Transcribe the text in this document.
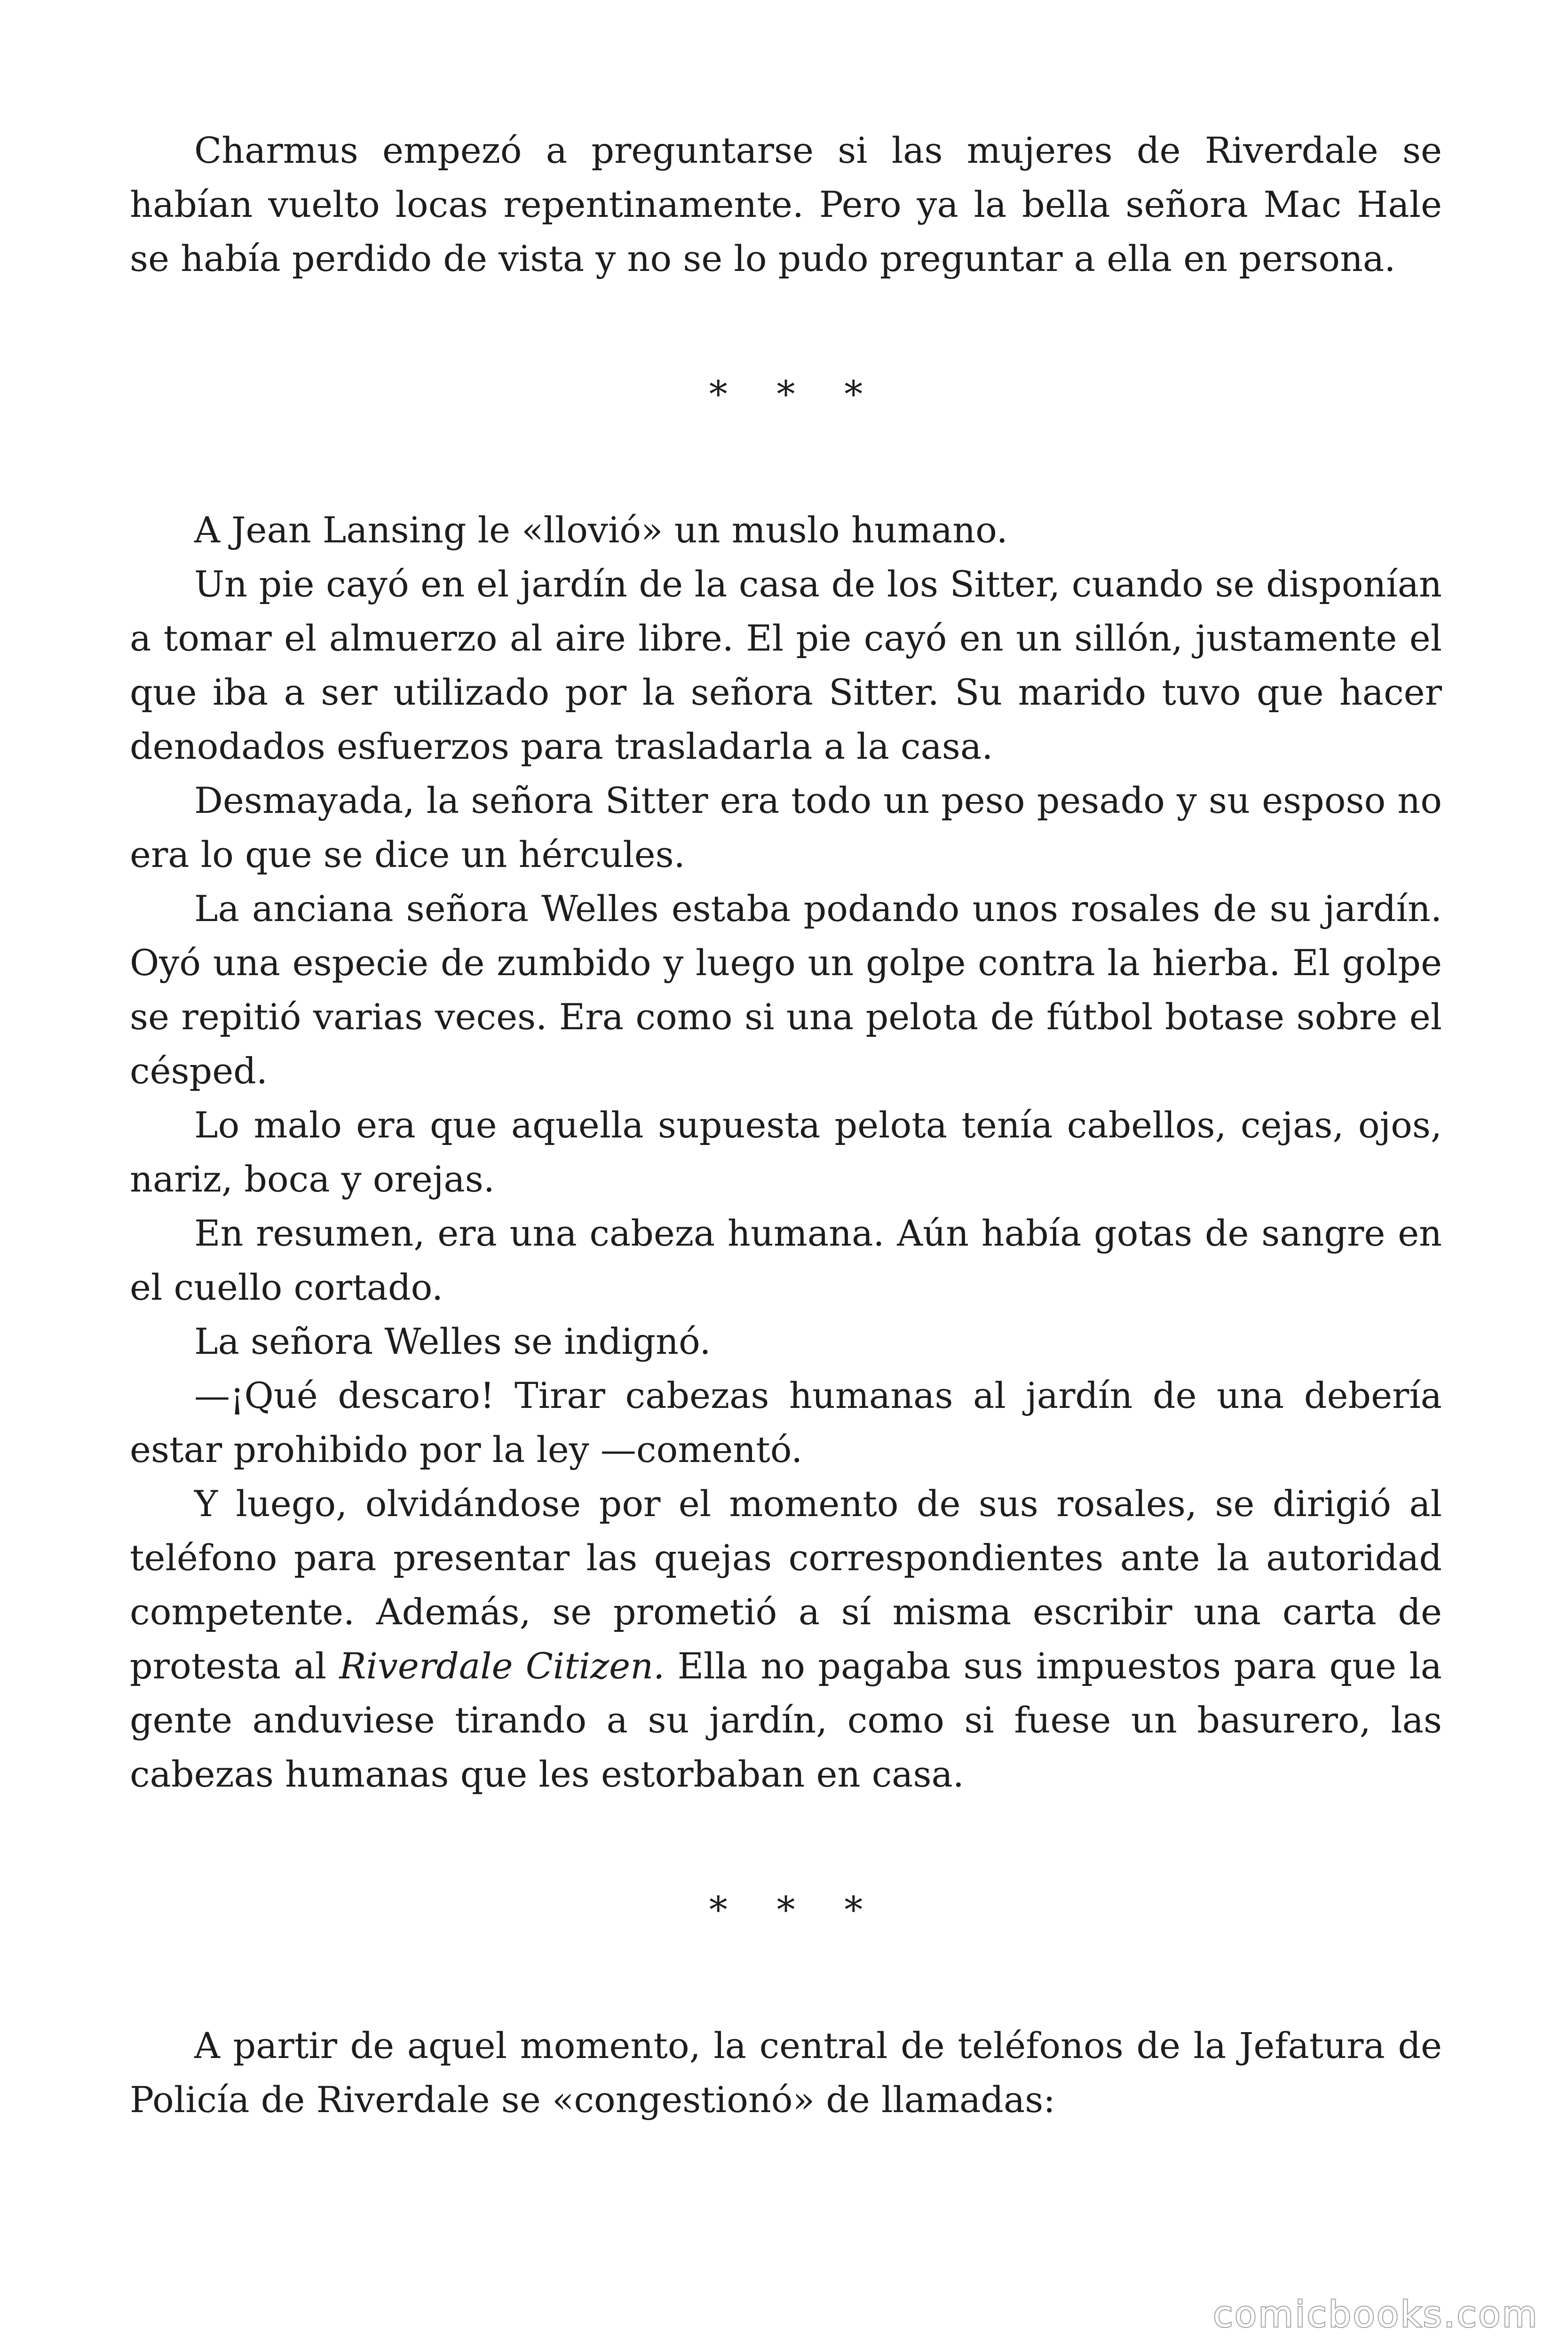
Charmus empezó a preguntarse si las mujeres de Riverdale se habían vuelto locas repentinamente. Pero ya la bella señora Mac Hale se había perdido de vista y no se lo pudo preguntar a ella en persona.

* * *

A Jean Lansing le «llovió» un muslo humano.

Un pie cayó en el jardín de la casa de los Sitter, cuando se disponían a tomar el almuerzo al aire libre. El pie cayó en un sillón, justamente el que iba a ser utilizado por la señora Sitter. Su marido tuvo que hacer denodados esfuerzos para trasladarla a la casa.

Desmayada, la señora Sitter era todo un peso pesado y su esposo no era lo que se dice un hércules.

La anciana señora Welles estaba podando unos rosales de su jardín. Oyó una especie de zumbido y luego un golpe contra la hierba. El golpe se repitió varias veces. Era como si una pelota de fútbol botase sobre el césped.

Lo malo era que aquella supuesta pelota tenía cabellos, cejas, ojos, nariz, boca y orejas.

En resumen, era una cabeza humana. Aún había gotas de sangre en el cuello cortado.

La señora Welles se indignó.

—¡Qué descaro! Tirar cabezas humanas al jardín de una debería estar prohibido por la ley —comentó.

Y luego, olvidándose por el momento de sus rosales, se dirigió al teléfono para presentar las quejas correspondientes ante la autoridad competente. Además, se prometió a sí misma escribir una carta de protesta al Riverdale Citizen. Ella no pagaba sus impuestos para que la gente anduviese tirando a su jardín, como si fuese un basurero, las cabezas humanas que les estorbaban en casa.

* * *

A partir de aquel momento, la central de teléfonos de la Jefatura de Policía de Riverdale se «congestionó» de llamadas:

comicbooks.com
